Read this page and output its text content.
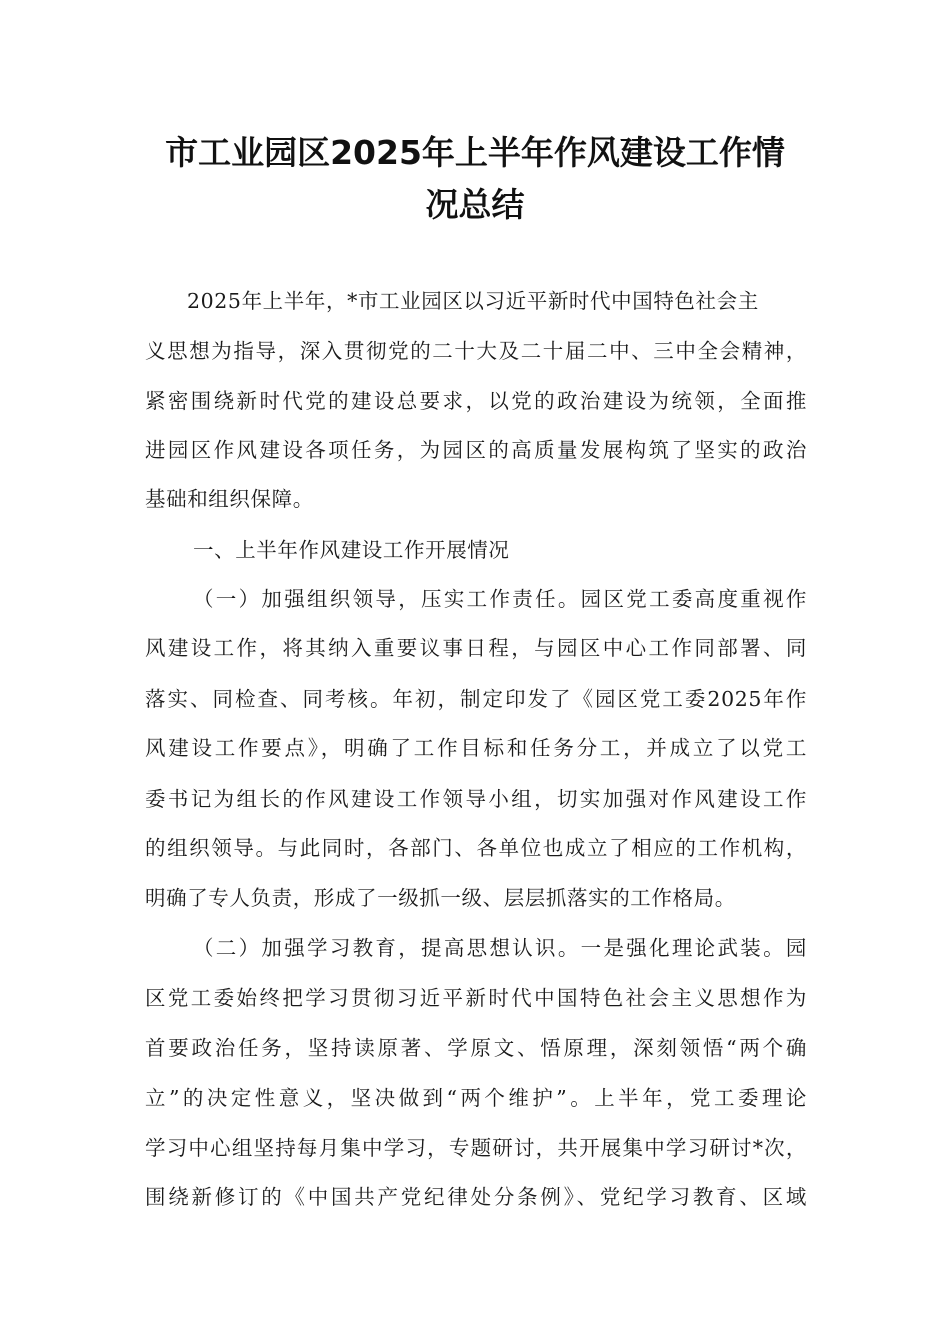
市工业园区2025年上半年作风建设工作情
况总结

2025年上半年，*市工业园区以习近平新时代中国特色社会主

义思想为指导，深入贯彻党的二十大及二十届二中、三中全会精神，

紧密围绕新时代党的建设总要求，以党的政治建设为统领，全面推

进园区作风建设各项任务，为园区的高质量发展构筑了坚实的政治

基础和组织保障。

一、上半年作风建设工作开展情况

（一）加强组织领导，压实工作责任。园区党工委高度重视作

风建设工作，将其纳入重要议事日程，与园区中心工作同部署、同

落实、同检查、同考核。年初，制定印发了《园区党工委2025年作

风建设工作要点》，明确了工作目标和任务分工，并成立了以党工

委书记为组长的作风建设工作领导小组，切实加强对作风建设工作

的组织领导。与此同时，各部门、各单位也成立了相应的工作机构，

明确了专人负责，形成了一级抓一级、层层抓落实的工作格局。

（二）加强学习教育，提高思想认识。一是强化理论武装。园

区党工委始终把学习贯彻习近平新时代中国特色社会主义思想作为

首要政治任务，坚持读原著、学原文、悟原理，深刻领悟“两个确

立”的决定性意义，坚决做到“两个维护”。上半年，党工委理论

学习中心组坚持每月集中学习，专题研讨，共开展集中学习研讨*次，

围绕新修订的《中国共产党纪律处分条例》、党纪学习教育、区域
